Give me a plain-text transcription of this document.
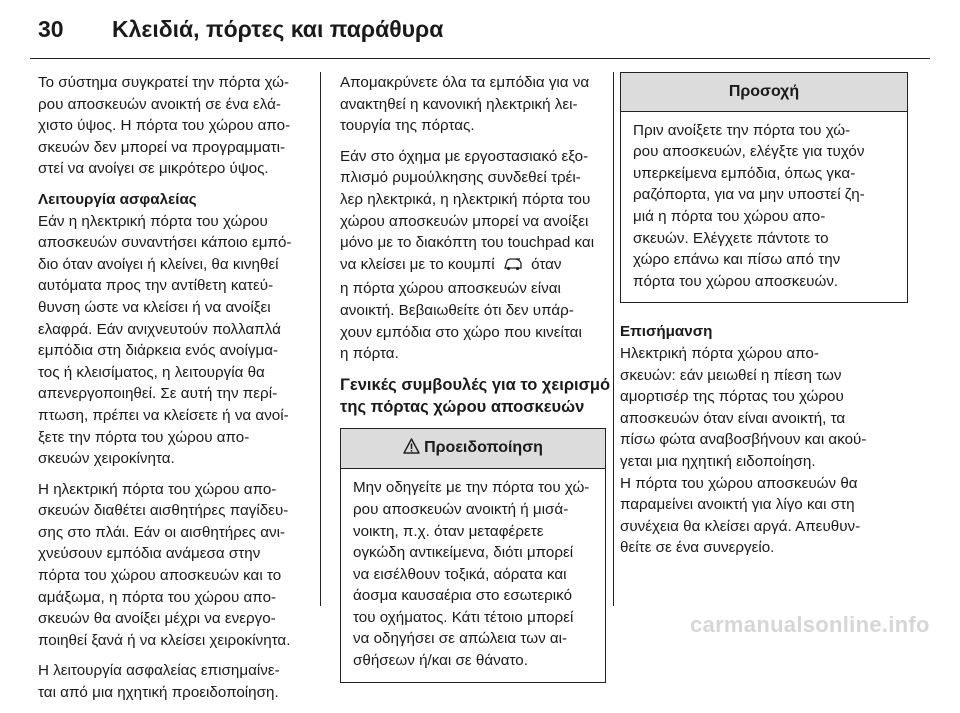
30 Κλειδιά, πόρτες και παράθυρα

Το σύστημα συγκρατεί την πόρτα χώ-
ρου αποσκευών ανοικτή σε ένα ελά-
χιστο ύψος. Η πόρτα του χώρου απο-
σκευών δεν μπορεί να προγραμματι-
στεί να ανοίγει σε μικρότερο ύψος.

Λειτουργία ασφαλείας
Εάν η ηλεκτρική πόρτα του χώρου
αποσκευών συναντήσει κάποιο εμπό-
διο όταν ανοίγει ή κλείνει, θα κινηθεί
αυτόματα προς την αντίθετη κατεύ-
θυνση ώστε να κλείσει ή να ανοίξει
ελαφρά. Εάν ανιχνευτούν πολλαπλά
εμπόδια στη διάρκεια ενός ανοίγμα-
τος ή κλεισίματος, η λειτουργία θα
απενεργοποιηθεί. Σε αυτή την περί-
πτωση, πρέπει να κλείσετε ή να ανοί-
ξετε την πόρτα του χώρου απο-
σκευών χειροκίνητα.

Η ηλεκτρική πόρτα του χώρου απο-
σκευών διαθέτει αισθητήρες παγίδευ-
σης στο πλάι. Εάν οι αισθητήρες ανι-
χνεύσουν εμπόδια ανάμεσα στην
πόρτα του χώρου αποσκευών και το
αμάξωμα, η πόρτα του χώρου απο-
σκευών θα ανοίξει μέχρι να ενεργο-
ποιηθεί ξανά ή να κλείσει χειροκίνητα.

Η λειτουργία ασφαλείας επισημαίνε-
ται από μια ηχητική προειδοποίηση.

Απομακρύνετε όλα τα εμπόδια για να
ανακτηθεί η κανονική ηλεκτρική λει-
τουργία της πόρτας.

Εάν στο όχημα με εργοστασιακό εξο-
πλισμό ρυμούλκησης συνδεθεί τρέι-
λερ ηλεκτρικά, η ηλεκτρική πόρτα του
χώρου αποσκευών μπορεί να ανοίξει
μόνο με το διακόπτη του touchpad και
να κλείσει με το κουμπί όταν
η πόρτα χώρου αποσκευών είναι
ανοικτή. Βεβαιωθείτε ότι δεν υπάρ-
χουν εμπόδια στο χώρο που κινείται
η πόρτα.

Γενικές συμβουλές για το χειρισμό
της πόρτας χώρου αποσκευών
Προειδοποίηση
Μην οδηγείτε με την πόρτα του χώ-
ρου αποσκευών ανοικτή ή μισά-
νοικτη, π.χ. όταν μεταφέρετε
ογκώδη αντικείμενα, διότι μπορεί
να εισέλθουν τοξικά, αόρατα και
άοσμα καυσαέρια στο εσωτερικό
του οχήματος. Κάτι τέτοιο μπορεί
να οδηγήσει σε απώλεια των αι-
σθήσεων ή/και σε θάνατο.
Προσοχή
Πριν ανοίξετε την πόρτα του χώ-
ρου αποσκευών, ελέγξτε για τυχόν
υπερκείμενα εμπόδια, όπως γκα-
ραζόπορτα, για να μην υποστεί ζη-
μιά η πόρτα του χώρου απο-
σκευών. Ελέγχετε πάντοτε το
χώρο επάνω και πίσω από την
πόρτα του χώρου αποσκευών.

Επισήμανση
Ηλεκτρική πόρτα χώρου απο-
σκευών: εάν μειωθεί η πίεση των
αμορτισέρ της πόρτας του χώρου
αποσκευών όταν είναι ανοικτή, τα
πίσω φώτα αναβοσβήνουν και ακού-
γεται μια ηχητική ειδοποίηση.
Η πόρτα του χώρου αποσκευών θα
παραμείνει ανοικτή για λίγο και στη
συνέχεια θα κλείσει αργά. Απευθυν-
θείτε σε ένα συνεργείο.

carmanualsonline.info
